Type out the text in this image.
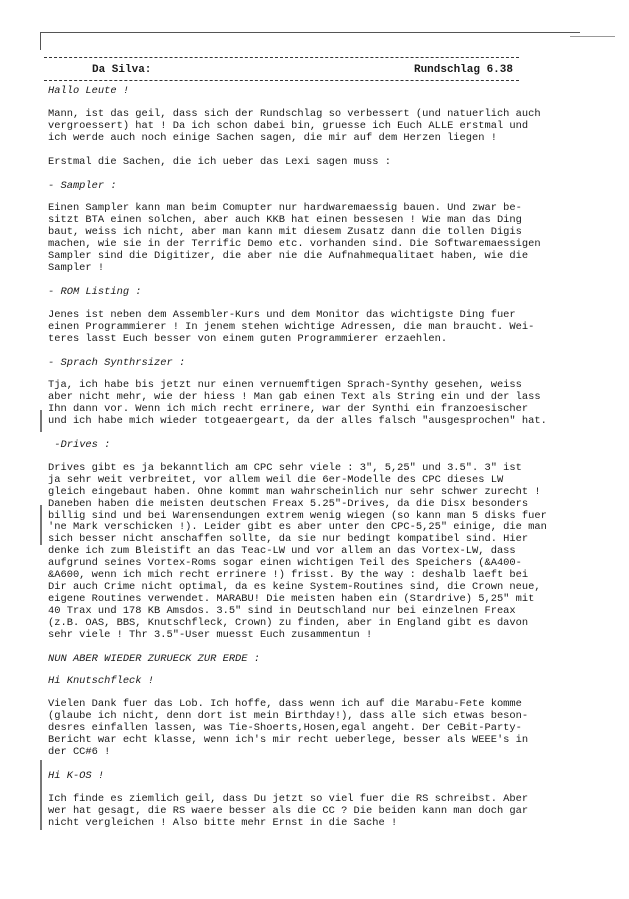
Da Silva:	Rundschlag 6.38

Hallo Leute !

Mann, ist das geil, dass sich der Rundschlag so verbessert (und natuerlich auch
vergroessert) hat ! Da ich schon dabei bin, gruesse ich Euch ALLE erstmal und
ich werde auch noch einige Sachen sagen, die mir auf dem Herzen liegen !

Erstmal die Sachen, die ich ueber das Lexi sagen muss :

- Sampler :

Einen Sampler kann man beim Comupter nur hardwaremaessig bauen. Und zwar be-
sitzt BTA einen solchen, aber auch KKB hat einen bessesen ! Wie man das Ding
baut, weiss ich nicht, aber man kann mit diesem Zusatz dann die tollen Digis
machen, wie sie in der Terrific Demo etc. vorhanden sind. Die Softwaremaessigen
Sampler sind die Digitizer, die aber nie die Aufnahmequalitaet haben, wie die
Sampler !

- ROM Listing :

Jenes ist neben dem Assembler-Kurs und dem Monitor das wichtigste Ding fuer
einen Programmierer ! In jenem stehen wichtige Adressen, die man braucht. Wei-
teres lasst Euch besser von einem guten Programmierer erzaehlen.

- Sprach Synthrsizer :

Tja, ich habe bis jetzt nur einen vernuemftigen Sprach-Synthy gesehen, weiss
aber nicht mehr, wie der hiess ! Man gab einen Text als String ein und der lass
Ihn dann vor. Wenn ich mich recht errinere, war der Synthi ein franzoesischer
und ich habe mich wieder totgeaergeart, da der alles falsch "ausgesprochen" hat.

-Drives :

Drives gibt es ja bekanntlich am CPC sehr viele : 3", 5,25" und 3.5". 3" ist
ja sehr weit verbreitet, vor allem weil die 6er-Modelle des CPC dieses LW
gleich eingebaut haben. Ohne kommt man wahrscheinlich nur sehr schwer zurecht !
Daneben haben die meisten deutschen Freax 5.25"-Drives, da die Disx besonders
billig sind und bei Warensendungen extrem wenig wiegen (so kann man 5 disks fuer
'ne Mark verschicken !). Leider gibt es aber unter den CPC-5,25" einige, die man
sich besser nicht anschaffen sollte, da sie nur bedingt kompatibel sind. Hier
denke ich zum Bleistift an das Teac-LW und vor allem an das Vortex-LW, dass
aufgrund seines Vortex-Roms sogar einen wichtigen Teil des Speichers (&A400-
&A600, wenn ich mich recht errinere !) frisst. By the way : deshalb laeft bei
Dir auch Crime nicht optimal, da es keine System-Routines sind, die Crown neue,
eigene Routines verwendet. MARABU! Die meisten haben ein (Stardrive) 5,25" mit
40 Trax und 178 KB Amsdos. 3.5" sind in Deutschland nur bei einzelnen Freax
(z.B. OAS, BBS, Knutschfleck, Crown) zu finden, aber in England gibt es davon
sehr viele ! Thr 3.5"-User muesst Euch zusammentun !

NUN ABER WIEDER ZURUECK ZUR ERDE :

Hi Knutschfleck !

Vielen Dank fuer das Lob. Ich hoffe, dass wenn ich auf die Marabu-Fete komme
(glaube ich nicht, denn dort ist mein Birthday!), dass alle sich etwas beson-
desres einfallen lassen, was Tie-Shoerts,Hosen,egal angeht. Der CeBit-Party-
Bericht war echt klasse, wenn ich's mir recht ueberlege, besser als WEEE's in
der CC#6 !

Hi K-OS !

Ich finde es ziemlich geil, dass Du jetzt so viel fuer die RS schreibst. Aber
wer hat gesagt, die RS waere besser als die CC ? Die beiden kann man doch gar
nicht vergleichen ! Also bitte mehr Ernst in die Sache !
